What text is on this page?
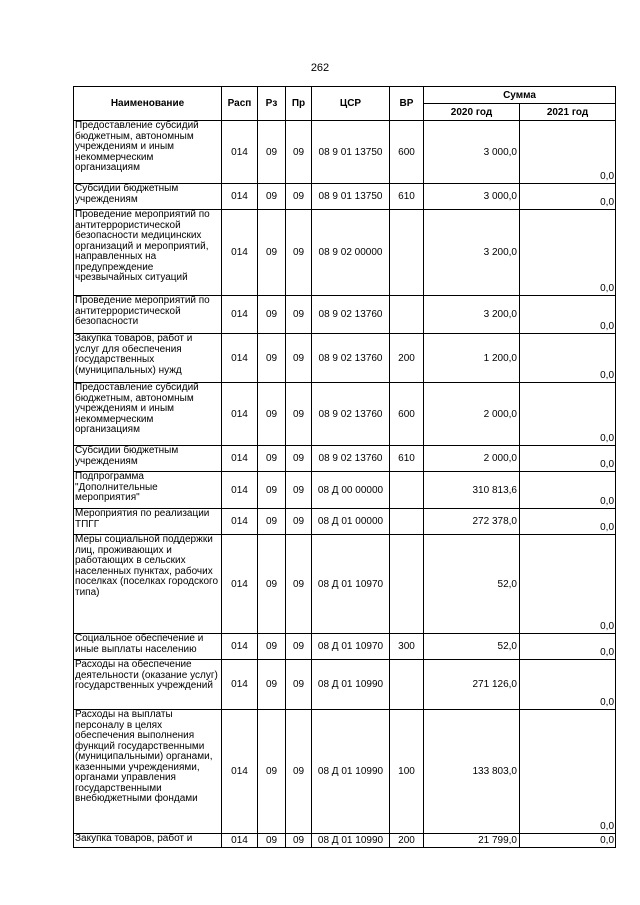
262
Наименование	Расп	Рз	Пр	ЦСР	ВР	Сумма	
						2020 год	2021 год
Предоставление субсидий бюджетным, автономным учреждениям и иным некоммерческим организациям	014	09	09	08 9 01 13750	600	3 000,0	0,0
Субсидии бюджетным учреждениям	014	09	09	08 9 01 13750	610	3 000,0	0,0
Проведение мероприятий по антитеррористической безопасности медицинских организаций и мероприятий, направленных на предупреждение чрезвычайных ситуаций	014	09	09	08 9 02 00000		3 200,0	0,0
Проведение мероприятий по антитеррористической безопасности	014	09	09	08 9 02 13760		3 200,0	0,0
Закупка товаров, работ и услуг для обеспечения государственных (муниципальных) нужд	014	09	09	08 9 02 13760	200	1 200,0	0,0
Предоставление субсидий бюджетным, автономным учреждениям и иным некоммерческим организациям	014	09	09	08 9 02 13760	600	2 000,0	0,0
Субсидии бюджетным учреждениям	014	09	09	08 9 02 13760	610	2 000,0	0,0
Подпрограмма "Дополнительные мероприятия"	014	09	09	08 Д 00 00000		310 813,6	0,0
Мероприятия по реализации ТПГГ	014	09	09	08 Д 01 00000		272 378,0	0,0
Меры социальной поддержки лиц, проживающих и работающих в сельских населенных пунктах, рабочих поселках (поселках городского типа)	014	09	09	08 Д 01 10970		52,0	0,0
Социальное обеспечение и иные выплаты населению	014	09	09	08 Д 01 10970	300	52,0	0,0
Расходы на обеспечение деятельности (оказание услуг) государственных учреждений	014	09	09	08 Д 01 10990		271 126,0	0,0
Расходы на выплаты персоналу в целях обеспечения выполнения функций государственными (муниципальными) органами, казенными учреждениями, органами управления государственными внебюджетными фондами	014	09	09	08 Д 01 10990	100	133 803,0	0,0
Закупка товаров, работ и	014	09	09	08 Д 01 10990	200	21 799,0	0,0
